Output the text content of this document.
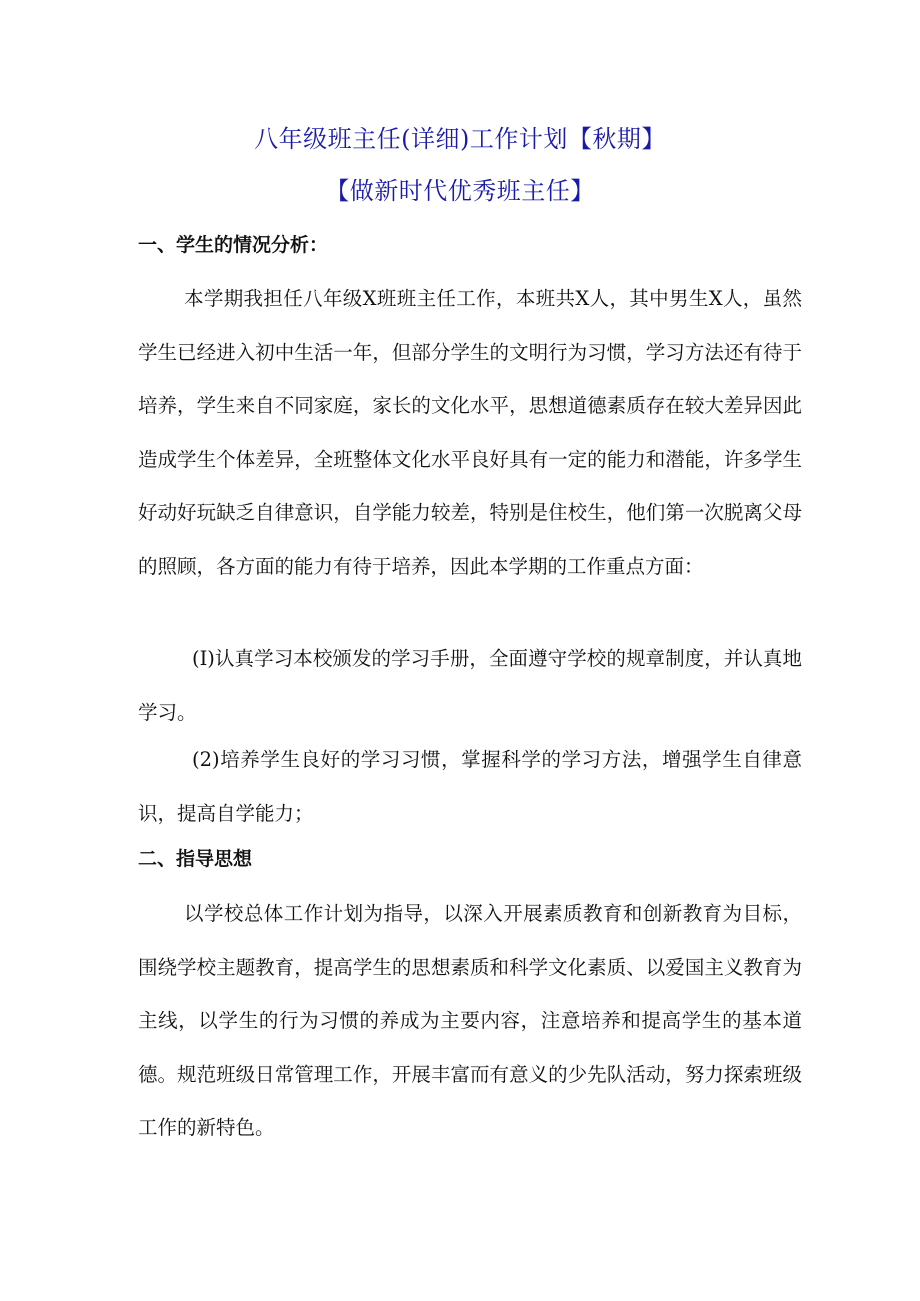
八年级班主任(详细)工作计划【秋期】
【做新时代优秀班主任】
一、学生的情况分析：

本学期我担任八年级X班班主任工作，本班共X人，其中男生X人，虽然学生已经进入初中生活一年，但部分学生的文明行为习惯，学习方法还有待于培养，学生来自不同家庭，家长的文化水平，思想道德素质存在较大差异因此造成学生个体差异，全班整体文化水平良好具有一定的能力和潜能，许多学生好动好玩缺乏自律意识，自学能力较差，特别是住校生，他们第一次脱离父母的照顾，各方面的能力有待于培养，因此本学期的工作重点方面：

(I)认真学习本校颁发的学习手册，全面遵守学校的规章制度，并认真地学习。

(2)培养学生良好的学习习惯，掌握科学的学习方法，增强学生自律意识，提高自学能力；

二、指导思想

以学校总体工作计划为指导，以深入开展素质教育和创新教育为目标，围绕学校主题教育，提高学生的思想素质和科学文化素质、以爱国主义教育为主线，以学生的行为习惯的养成为主要内容，注意培养和提高学生的基本道德。规范班级日常管理工作，开展丰富而有意义的少先队活动，努力探索班级工作的新特色。
